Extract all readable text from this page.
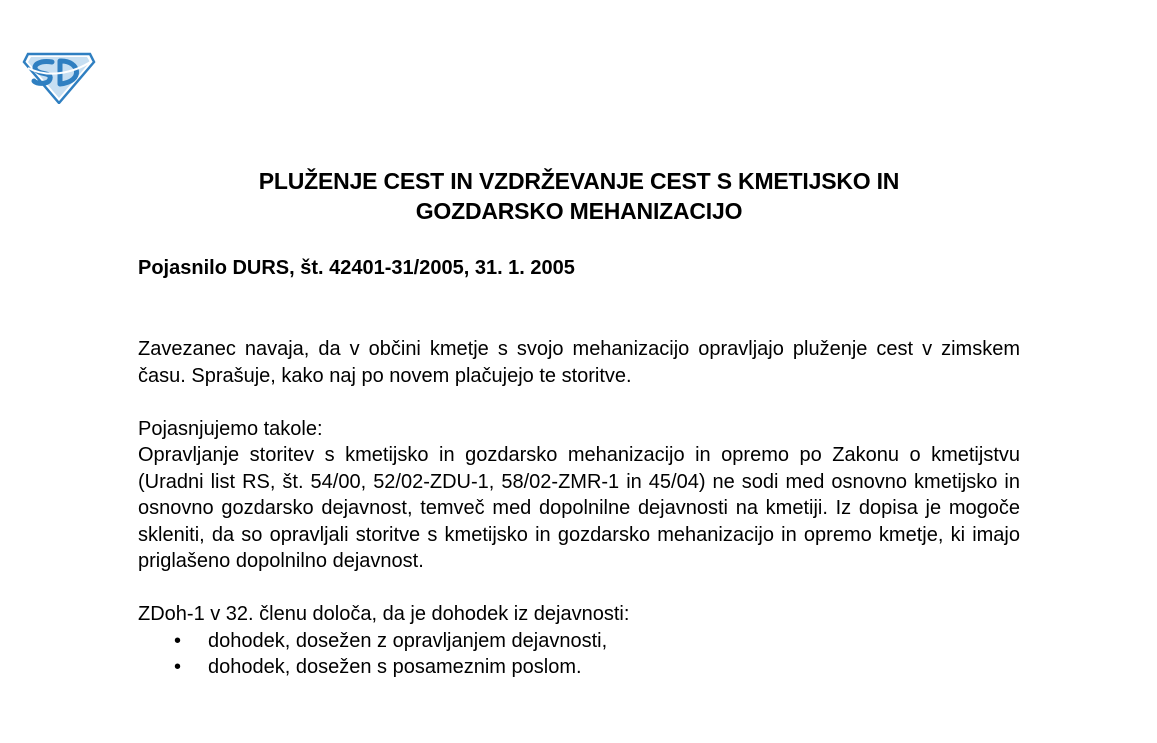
PLUŽENJE CEST IN VZDRŽEVANJE CEST S KMETIJSKO IN
GOZDARSKO MEHANIZACIJO
Pojasnilo DURS, št. 42401-31/2005, 31. 1. 2005

Zavezanec navaja, da v občini kmetje s svojo mehanizacijo opravljajo pluženje cest v zimskem času. Sprašuje, kako naj po novem plačujejo te storitve.

Pojasnjujemo takole:

Opravljanje storitev s kmetijsko in gozdarsko mehanizacijo in opremo po Zakonu o kmetijstvu (Uradni list RS, št. 54/00, 52/02-ZDU-1, 58/02-ZMR-1 in 45/04) ne sodi med osnovno kmetijsko in osnovno gozdarsko dejavnost, temveč med dopolnilne dejavnosti na kmetiji. Iz dopisa je mogoče skleniti, da so opravljali storitve s kmetijsko in gozdarsko mehanizacijo in opremo kmetje, ki imajo priglašeno dopolnilno dejavnost.

ZDoh-1 v 32. členu določa, da je dohodek iz dejavnosti:

• dohodek, dosežen z opravljanjem dejavnosti,
• dohodek, dosežen s posameznim poslom.
